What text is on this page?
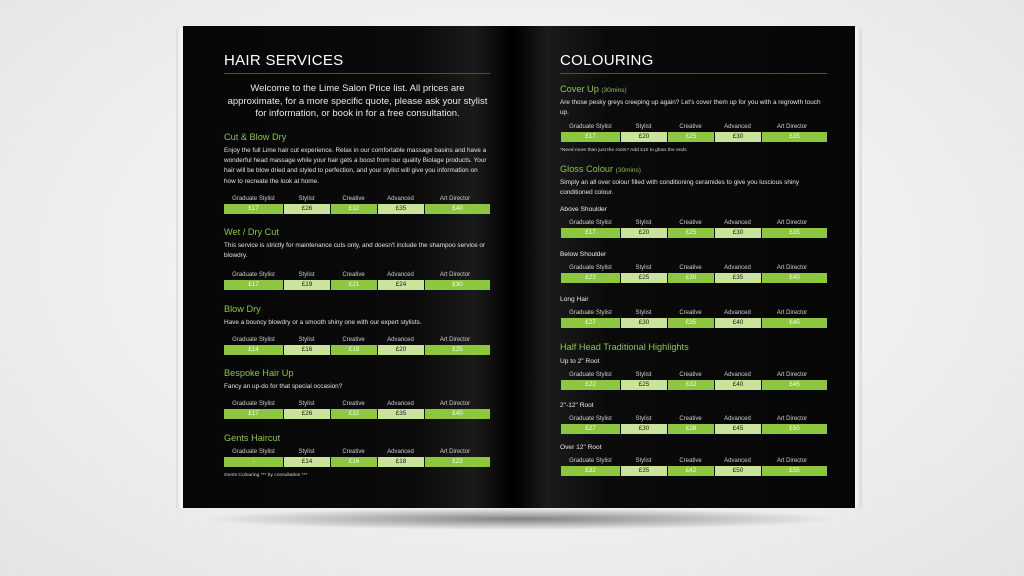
HAIR SERVICES
Welcome to the Lime Salon Price list. All prices are approximate, for a more specific quote, please ask your stylist for information, or book in for a free consultation.
Cut & Blow Dry
Enjoy the full Lime hair cut experience. Relax in our comfortable massage basins and have a wonderful head massage while your hair gets a boost from our quality Biolage products. Your hair will be blow dried and styled to perfection, and your stylist will give you information on how to recreate the look at home.
Graduate Stylist	Stylist	Creative	Advanced	Art Director
£17	£26	£32	£35	£40
Wet / Dry Cut
This service is strictly for maintenance cuts only, and doesn't include the shampoo service or blowdry.
Graduate Stylist	Stylist	Creative	Advanced	Art Director
£17	£19	£21	£24	£30
Blow Dry
Have a bouncy blowdry or a smooth shiny one with our expert stylists.
Graduate Stylist	Stylist	Creative	Advanced	Art Director
£14	£16	£18	£20	£25
Bespoke Hair Up
Fancy an up-do for that special occasion?
Graduate Stylist	Stylist	Creative	Advanced	Art Director
£17	£26	£32	£35	£40
Gents Haircut
Graduate Stylist	Stylist	Creative	Advanced	Art Director
-	£14	£16	£18	£22
Gents Colouring *** by consultation ***
COLOURING
Cover Up (30mins)
Are those pesky greys creeping up again? Let's cover them up for you with a regrowth touch up.
Graduate Stylist	Stylist	Creative	Advanced	Art Director
£17	£20	£25	£30	£35
*Need more than just the roots? Add £10 to gloss the ends
Gloss Colour (30mins)
Simply an all over colour filled with conditioning ceramides to give you luscious shiny conditioned colour.
Above Shoulder
Graduate Stylist	Stylist	Creative	Advanced	Art Director
£17	£20	£25	£30	£35
Below Shoulder
Graduate Stylist	Stylist	Creative	Advanced	Art Director
£23	£25	£30	£35	£40
Long Hair
Graduate Stylist	Stylist	Creative	Advanced	Art Director
£27	£30	£35	£40	£45
Half Head Traditional Highlights
Up to 2" Root
Graduate Stylist	Stylist	Creative	Advanced	Art Director
£22	£25	£32	£40	£45
2"-12" Root
Graduate Stylist	Stylist	Creative	Advanced	Art Director
£27	£30	£38	£45	£50
Over 12" Root
Graduate Stylist	Stylist	Creative	Advanced	Art Director
£32	£35	£42	£50	£55
